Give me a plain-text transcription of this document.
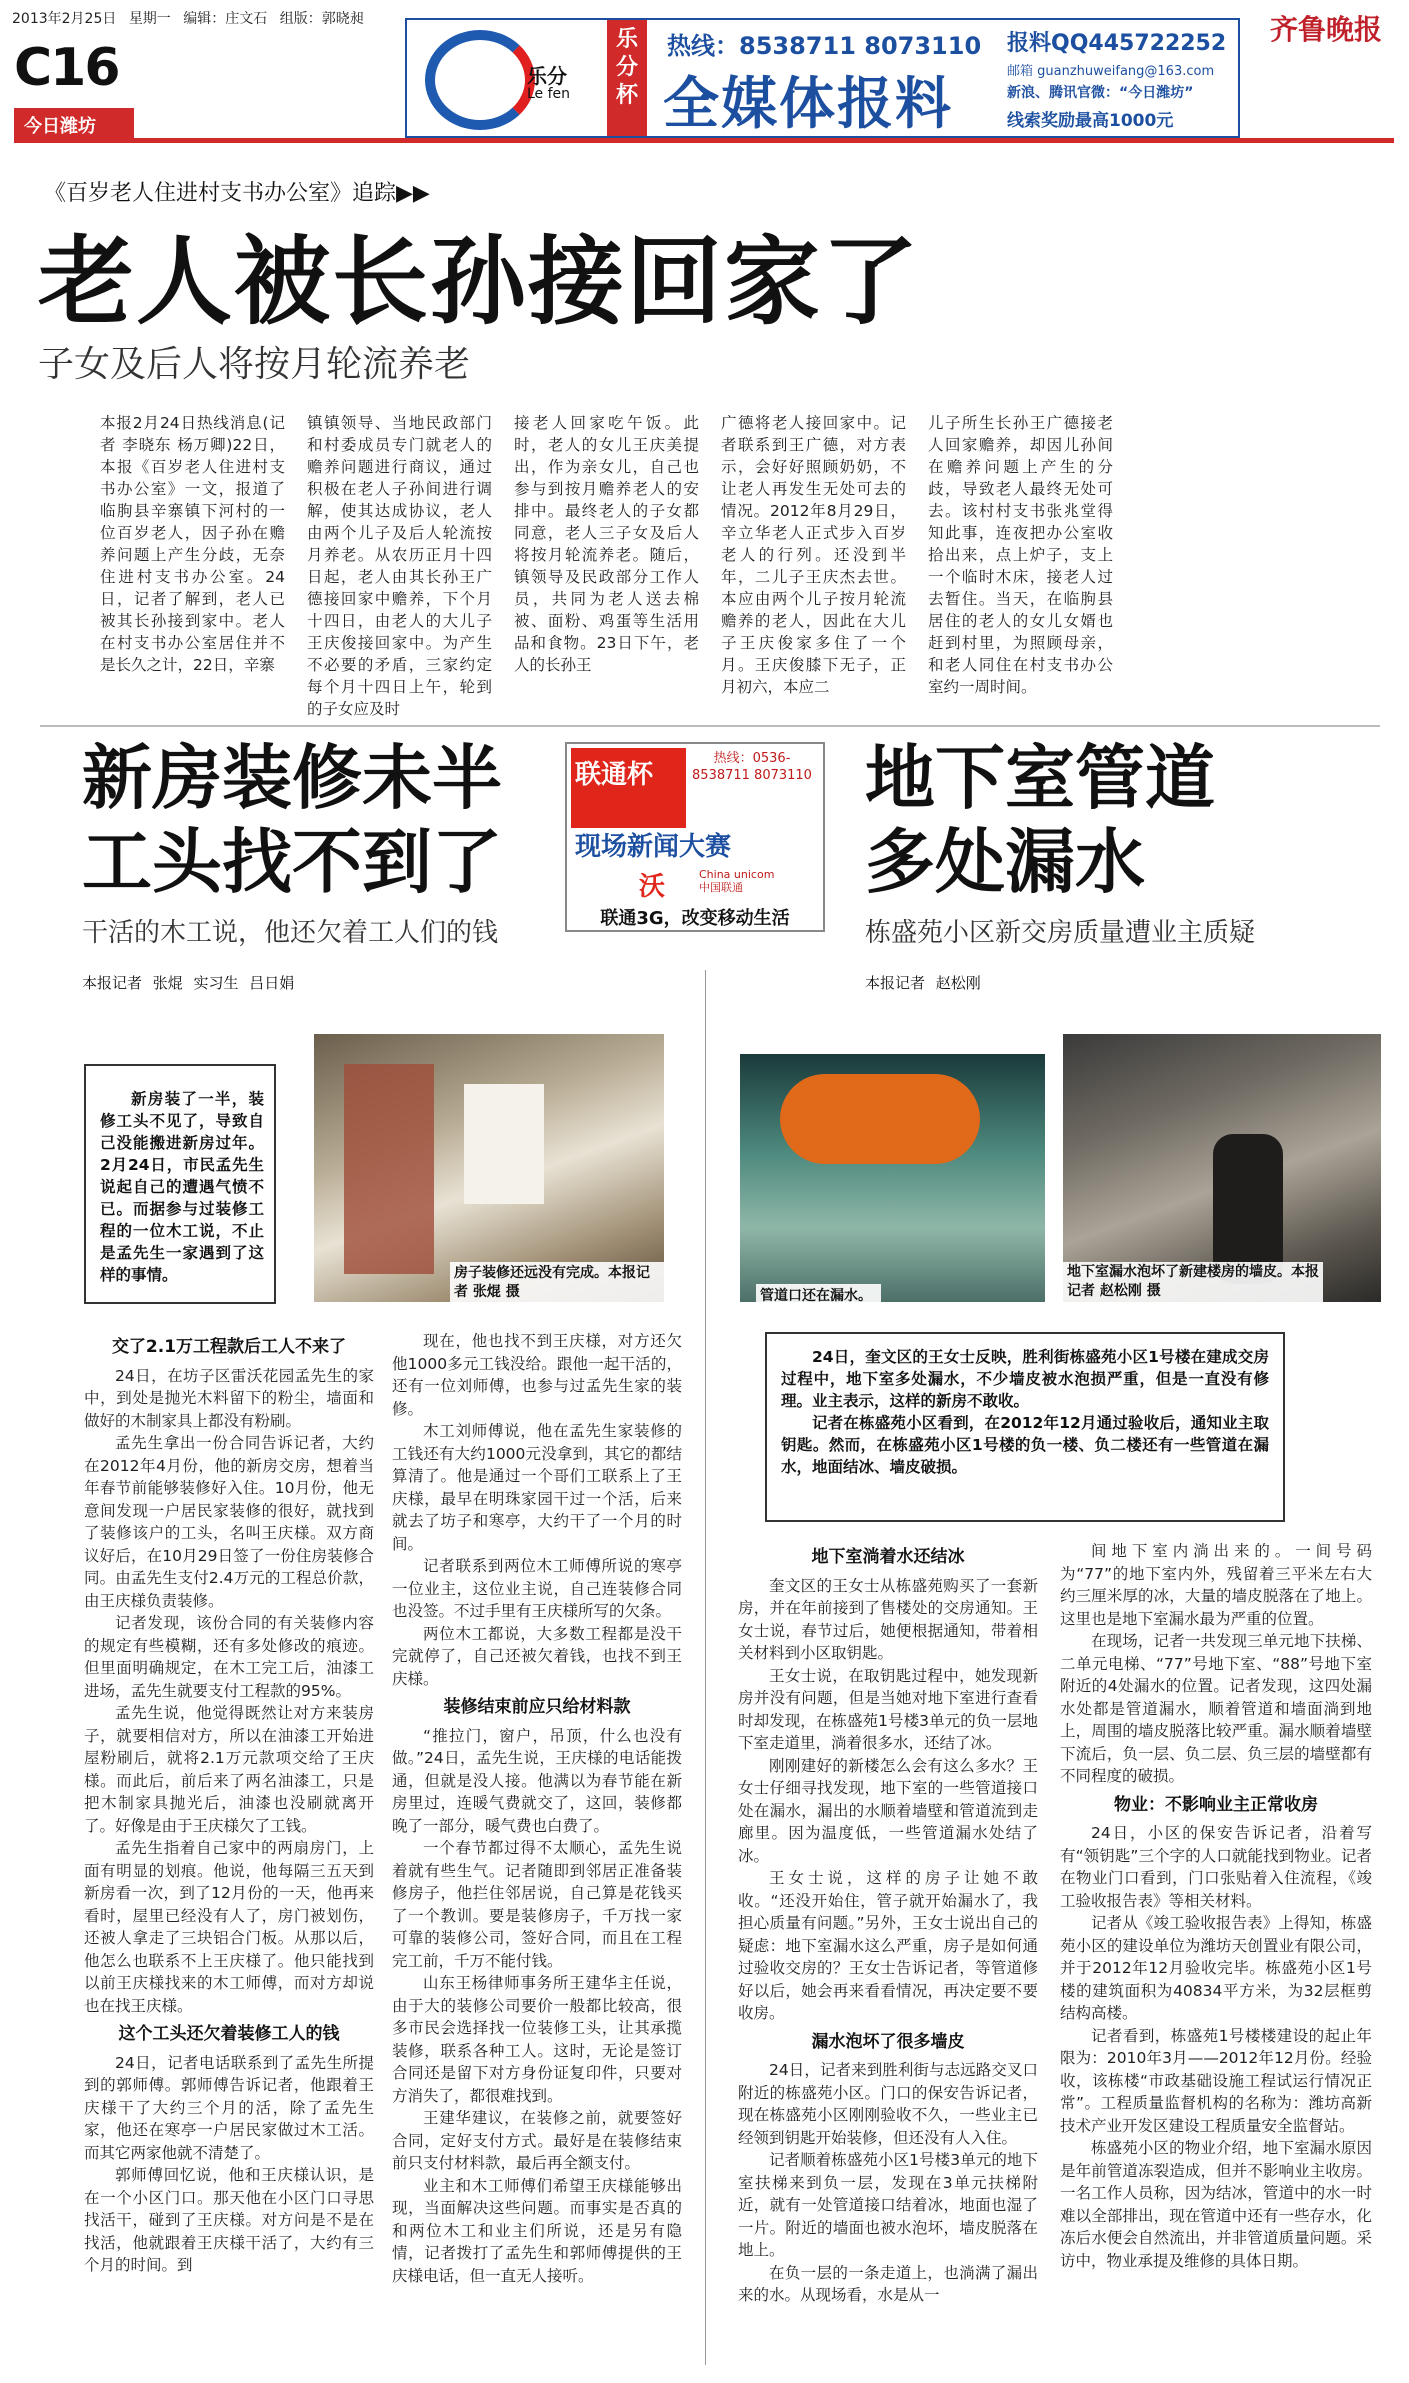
2013年2月25日 星期一 编辑：庄文石 组版：郭晓昶
C16
今日潍坊
齐鲁晚报
乐分
Le fen
乐分杯
热线：8538711 8073110
全媒体报料
报料QQ445722252
邮箱 guanzhuweifang@163.com
新浪、腾讯官微：“今日潍坊”
线索奖励最高1000元
《百岁老人住进村支书办公室》追踪▶▶
老人被长孙接回家了
子女及后人将按月轮流养老
本报2月24日热线消息(记者 李晓东 杨万卿)22日，本报《百岁老人住进村支书办公室》一文，报道了临朐县辛寨镇下河村的一位百岁老人，因子孙在赡养问题上产生分歧，无奈住进村支书办公室。24日，记者了解到，老人已被其长孙接到家中。老人在村支书办公室居住并不是长久之计，22日，辛寨
镇镇领导、当地民政部门和村委成员专门就老人的赡养问题进行商议，通过积极在老人子孙间进行调解，使其达成协议，老人由两个儿子及后人轮流按月养老。从农历正月十四日起，老人由其长孙王广德接回家中赡养，下个月十四日，由老人的大儿子王庆俊接回家中。为产生不必要的矛盾，三家约定每个月十四日上午，轮到的子女应及时
接老人回家吃午饭。此时，老人的女儿王庆美提出，作为亲女儿，自己也参与到按月赡养老人的安排中。最终老人的子女都同意，老人三子女及后人将按月轮流养老。随后，镇领导及民政部分工作人员，共同为老人送去棉被、面粉、鸡蛋等生活用品和食物。23日下午，老人的长孙王
广德将老人接回家中。记者联系到王广德，对方表示，会好好照顾奶奶，不让老人再发生无处可去的情况。2012年8月29日，辛立华老人正式步入百岁老人的行列。还没到半年，二儿子王庆杰去世。本应由两个儿子按月轮流赡养的老人，因此在大儿子王庆俊家多住了一个月。王庆俊膝下无子，正月初六，本应二
儿子所生长孙王广德接老人回家赡养，却因儿孙间在赡养问题上产生的分歧，导致老人最终无处可去。该村村支书张兆堂得知此事，连夜把办公室收拾出来，点上炉子，支上一个临时木床，接老人过去暂住。当天，在临朐县居住的老人的女儿女婿也赶到村里，为照顾母亲，和老人同住在村支书办公室约一周时间。
新房装修未半
工头找不到了
干活的木工说，他还欠着工人们的钱
本报记者 张焜 实习生 吕日娟
联通杯
热线：0536-8538711 8073110
现场新闻大赛
沃	China unicom
中国联通
联通3G，改变移动生活
地下室管道
多处漏水
栋盛苑小区新交房质量遭业主质疑
本报记者 赵松刚
新房装了一半，装修工头不见了，导致自己没能搬进新房过年。2月24日，市民孟先生说起自己的遭遇气愤不已。而据参与过装修工程的一位木工说，不止是孟先生一家遇到了这样的事情。	房子装修还远没有完成。本报记者 张焜 摄	管道口还在漏水。
地下室漏水泡坏了新建楼房的墙皮。本报记者 赵松刚 摄

24日，奎文区的王女士反映，胜利街栋盛苑小区1号楼在建成交房过程中，地下室多处漏水，不少墙皮被水泡损严重，但是一直没有修理。业主表示，这样的新房不敢收。

记者在栋盛苑小区看到，在2012年12月通过验收后，通知业主取钥匙。然而，在栋盛苑小区1号楼的负一楼、负二楼还有一些管道在漏水，地面结冰、墙皮破损。

交了2.1万工程款后工人不来了

24日，在坊子区雷沃花园孟先生的家中，到处是抛光木料留下的粉尘，墙面和做好的木制家具上都没有粉刷。

孟先生拿出一份合同告诉记者，大约在2012年4月份，他的新房交房，想着当年春节前能够装修好入住。10月份，他无意间发现一户居民家装修的很好，就找到了装修该户的工头，名叫王庆様。双方商议好后，在10月29日签了一份住房装修合同。由孟先生支付2.4万元的工程总价款，由王庆様负责装修。

记者发现，该份合同的有关装修内容的规定有些模糊，还有多处修改的痕迹。但里面明确规定，在木工完工后，油漆工进场，孟先生就要支付工程款的95%。

孟先生说，他觉得既然让对方来装房子，就要相信对方，所以在油漆工开始进屋粉刷后，就将2.1万元款项交给了王庆様。而此后，前后来了两名油漆工，只是把木制家具抛光后，油漆也没刷就离开了。好像是由于王庆様欠了工钱。

孟先生指着自己家中的两扇房门，上面有明显的划痕。他说，他每隔三五天到新房看一次，到了12月份的一天，他再来看时，屋里已经没有人了，房门被划伤，还被人拿走了三块铝合门板。从那以后，他怎么也联系不上王庆様了。他只能找到以前王庆様找来的木工师傅，而对方却说也在找王庆様。

这个工头还欠着装修工人的钱

24日，记者电话联系到了孟先生所提到的郭师傅。郭师傅告诉记者，他跟着王庆様干了大约三个月的活，除了孟先生家，他还在寒亭一户居民家做过木工活。而其它两家他就不清楚了。

郭师傅回忆说，他和王庆様认识，是在一个小区门口。那天他在小区门口寻思找活干，碰到了王庆様。对方问是不是在找活，他就跟着王庆様干活了，大约有三个月的时间。到

现在，他也找不到王庆様，对方还欠他1000多元工钱没给。跟他一起干活的，还有一位刘师傅，也参与过孟先生家的装修。

木工刘师傅说，他在孟先生家装修的工钱还有大约1000元没拿到，其它的都结算清了。他是通过一个哥们工联系上了王庆様，最早在明珠家园干过一个活，后来就去了坊子和寒亭，大约干了一个月的时间。

记者联系到两位木工师傅所说的寒亭一位业主，这位业主说，自己连装修合同也没签。不过手里有王庆様所写的欠条。

两位木工都说，大多数工程都是没干完就停了，自己还被欠着钱，也找不到王庆様。

装修结束前应只给材料款

“推拉门，窗户，吊顶，什么也没有做。”24日，孟先生说，王庆様的电话能拨通，但就是没人接。他满以为春节能在新房里过，连暖气费就交了，这回，装修都晚了一部分，暖气费也白费了。

一个春节都过得不太顺心，孟先生说着就有些生气。记者随即到邻居正准备装修房子，他拦住邻居说，自己算是花钱买了一个教训。要是装修房子，千万找一家可靠的装修公司，签好合同，而且在工程完工前，千万不能付钱。

山东王杨律师事务所王建华主任说，由于大的装修公司要价一般都比较高，很多市民会选择找一位装修工头，让其承揽装修，联系各种工人。这时，无论是签订合同还是留下对方身份证复印件，只要对方消失了，都很难找到。

王建华建议，在装修之前，就要签好合同，定好支付方式。最好是在装修结束前只支付材料款，最后再全额支付。

业主和木工师傅们希望王庆様能够出现，当面解决这些问题。而事实是否真的和两位木工和业主们所说，还是另有隐情，记者拨打了孟先生和郭师傅提供的王庆様电话，但一直无人接听。

地下室淌着水还结冰

奎文区的王女士从栋盛苑购买了一套新房，并在年前接到了售楼处的交房通知。王女士说，春节过后，她便根据通知，带着相关材料到小区取钥匙。

王女士说，在取钥匙过程中，她发现新房并没有问题，但是当她对地下室进行查看时却发现，在栋盛苑1号楼3单元的负一层地下室走道里，淌着很多水，还结了冰。

刚刚建好的新楼怎么会有这么多水？王女士仔细寻找发现，地下室的一些管道接口处在漏水，漏出的水顺着墙壁和管道流到走廊里。因为温度低，一些管道漏水处结了冰。

王女士说，这样的房子让她不敢收。“还没开始住，管子就开始漏水了，我担心质量有问题。”另外，王女士说出自己的疑虑：地下室漏水这么严重，房子是如何通过验收交房的？王女士告诉记者，等管道修好以后，她会再来看看情况，再决定要不要收房。

漏水泡坏了很多墙皮

24日，记者来到胜利街与志远路交叉口附近的栋盛苑小区。门口的保安告诉记者，现在栋盛苑小区刚刚验收不久，一些业主已经领到钥匙开始装修，但还没有人入住。

记者顺着栋盛苑小区1号楼3单元的地下室扶梯来到负一层，发现在3单元扶梯附近，就有一处管道接口结着冰，地面也湿了一片。附近的墙面也被水泡坏，墙皮脱落在地上。

在负一层的一条走道上，也淌满了漏出来的水。从现场看，水是从一

间地下室内淌出来的。一间号码为“77”的地下室内外，残留着三平米左右大约三厘米厚的冰，大量的墙皮脱落在了地上。这里也是地下室漏水最为严重的位置。

在现场，记者一共发现三单元地下扶梯、二单元电梯、“77”号地下室、“88”号地下室附近的4处漏水的位置。记者发现，这四处漏水处都是管道漏水，顺着管道和墙面淌到地上，周围的墙皮脱落比较严重。漏水顺着墙壁下流后，负一层、负二层、负三层的墙壁都有不同程度的破损。

物业：不影响业主正常收房

24日，小区的保安告诉记者，沿着写有“领钥匙”三个字的人口就能找到物业。记者在物业门口看到，门口张贴着入住流程，《竣工验收报告表》等相关材料。

记者从《竣工验收报告表》上得知，栋盛苑小区的建设单位为潍坊天创置业有限公司，并于2012年12月验收完毕。栋盛苑小区1号楼的建筑面积为40834平方米，为32层框剪结构高楼。

记者看到，栋盛苑1号楼楼建设的起止年限为：2010年3月——2012年12月份。经验收，该栋楼“市政基础设施工程试运行情况正常”。工程质量监督机构的名称为：潍坊高新技术产业开发区建设工程质量安全监督站。

栋盛苑小区的物业介绍，地下室漏水原因是年前管道冻裂造成，但并不影响业主收房。一名工作人员称，因为结冰，管道中的水一时难以全部排出，现在管道中还有一些存水，化冻后水便会自然流出，并非管道质量问题。采访中，物业承提及维修的具体日期。
